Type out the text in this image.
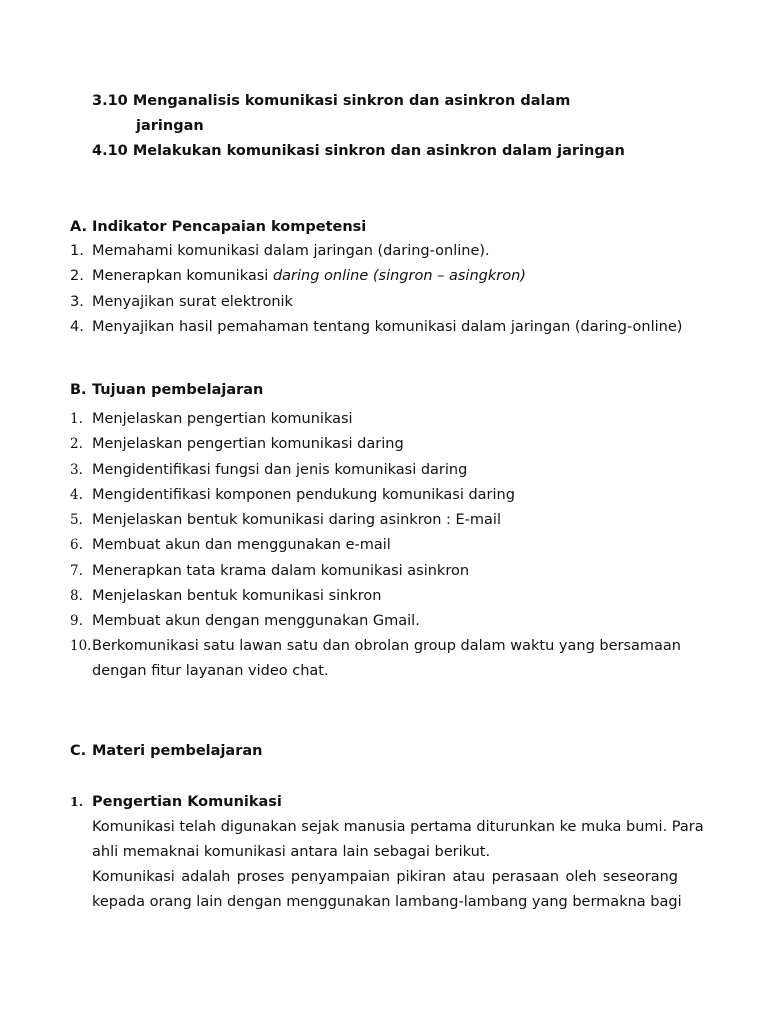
3.10 Menganalisis komunikasi sinkron dan asinkron dalam
jaringan
4.10 Melakukan komunikasi sinkron dan asinkron dalam jaringan
A. Indikator Pencapaian kompetensi
1. Memahami komunikasi dalam jaringan (daring-online).
2. Menerapkan komunikasi daring online (singron – asingkron)
3. Menyajikan surat elektronik
4. Menyajikan hasil pemahaman tentang komunikasi dalam jaringan (daring-online)
B. Tujuan pembelajaran
1. Menjelaskan pengertian komunikasi
2. Menjelaskan pengertian komunikasi daring
3. Mengidentifikasi fungsi dan jenis komunikasi daring
4. Mengidentifikasi komponen pendukung komunikasi daring
5. Menjelaskan bentuk komunikasi daring asinkron : E-mail
6. Membuat akun dan menggunakan e-mail
7. Menerapkan tata krama dalam komunikasi asinkron
8. Menjelaskan bentuk komunikasi sinkron
9. Membuat akun dengan menggunakan Gmail.
10. Berkomunikasi satu lawan satu dan obrolan group dalam waktu yang bersamaan
dengan fitur layanan video chat.
C. Materi pembelajaran
1. Pengertian Komunikasi
Komunikasi telah digunakan sejak manusia pertama diturunkan ke muka bumi. Para
ahli memaknai komunikasi antara lain sebagai berikut.
Komunikasi adalah proses penyampaian pikiran atau perasaan oleh seseorang
kepada orang lain dengan menggunakan lambang-lambang yang bermakna bagi
